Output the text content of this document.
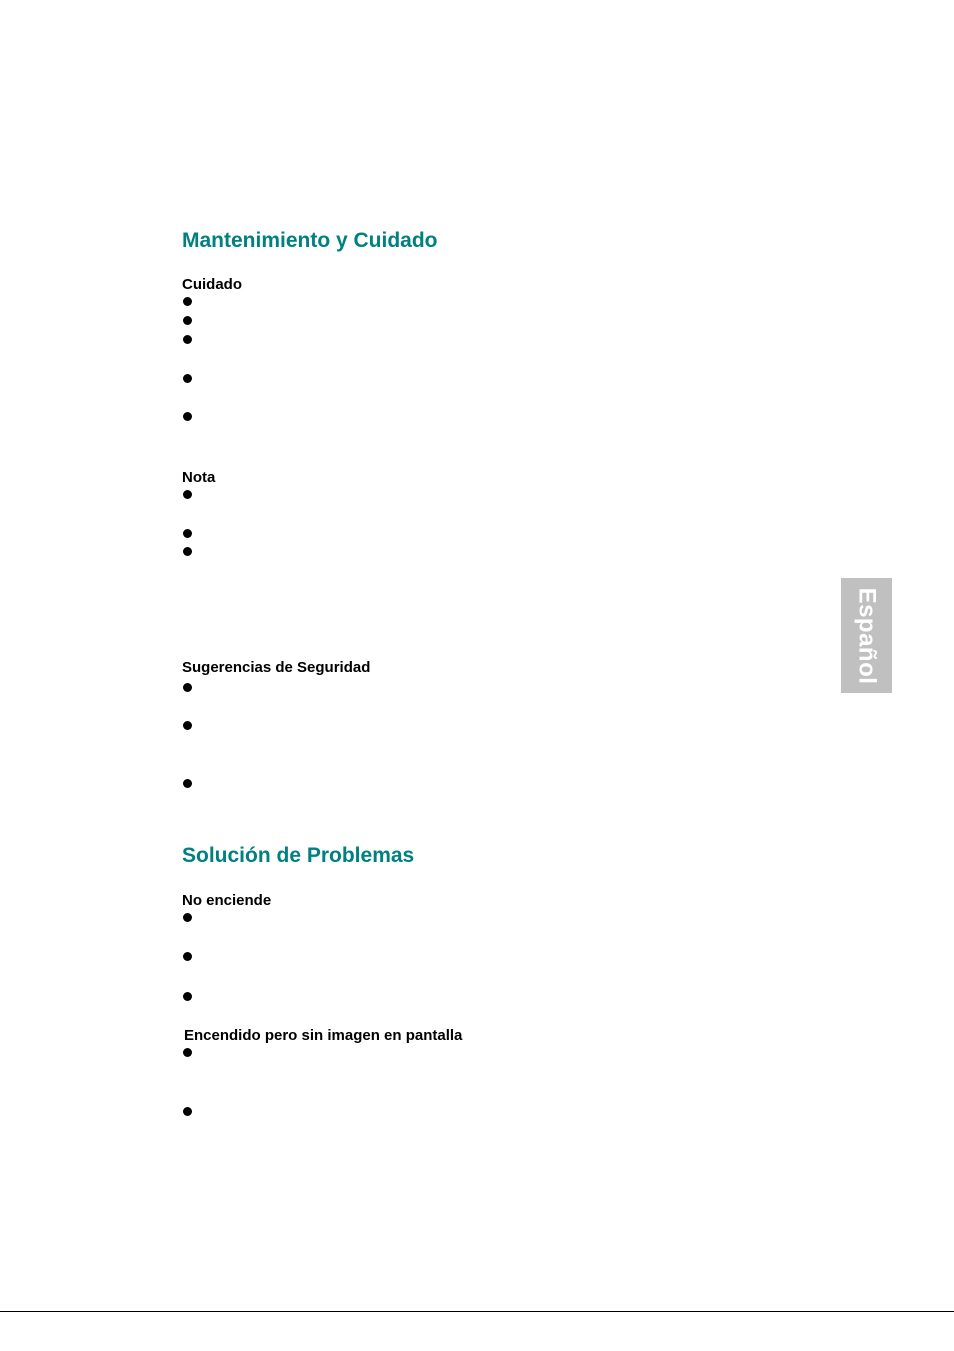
Mantenimiento y Cuidado
Cuidado
Nota
Sugerencias de Seguridad
Solución de Problemas
No enciende
Encendido pero sin imagen en pantalla
Español
